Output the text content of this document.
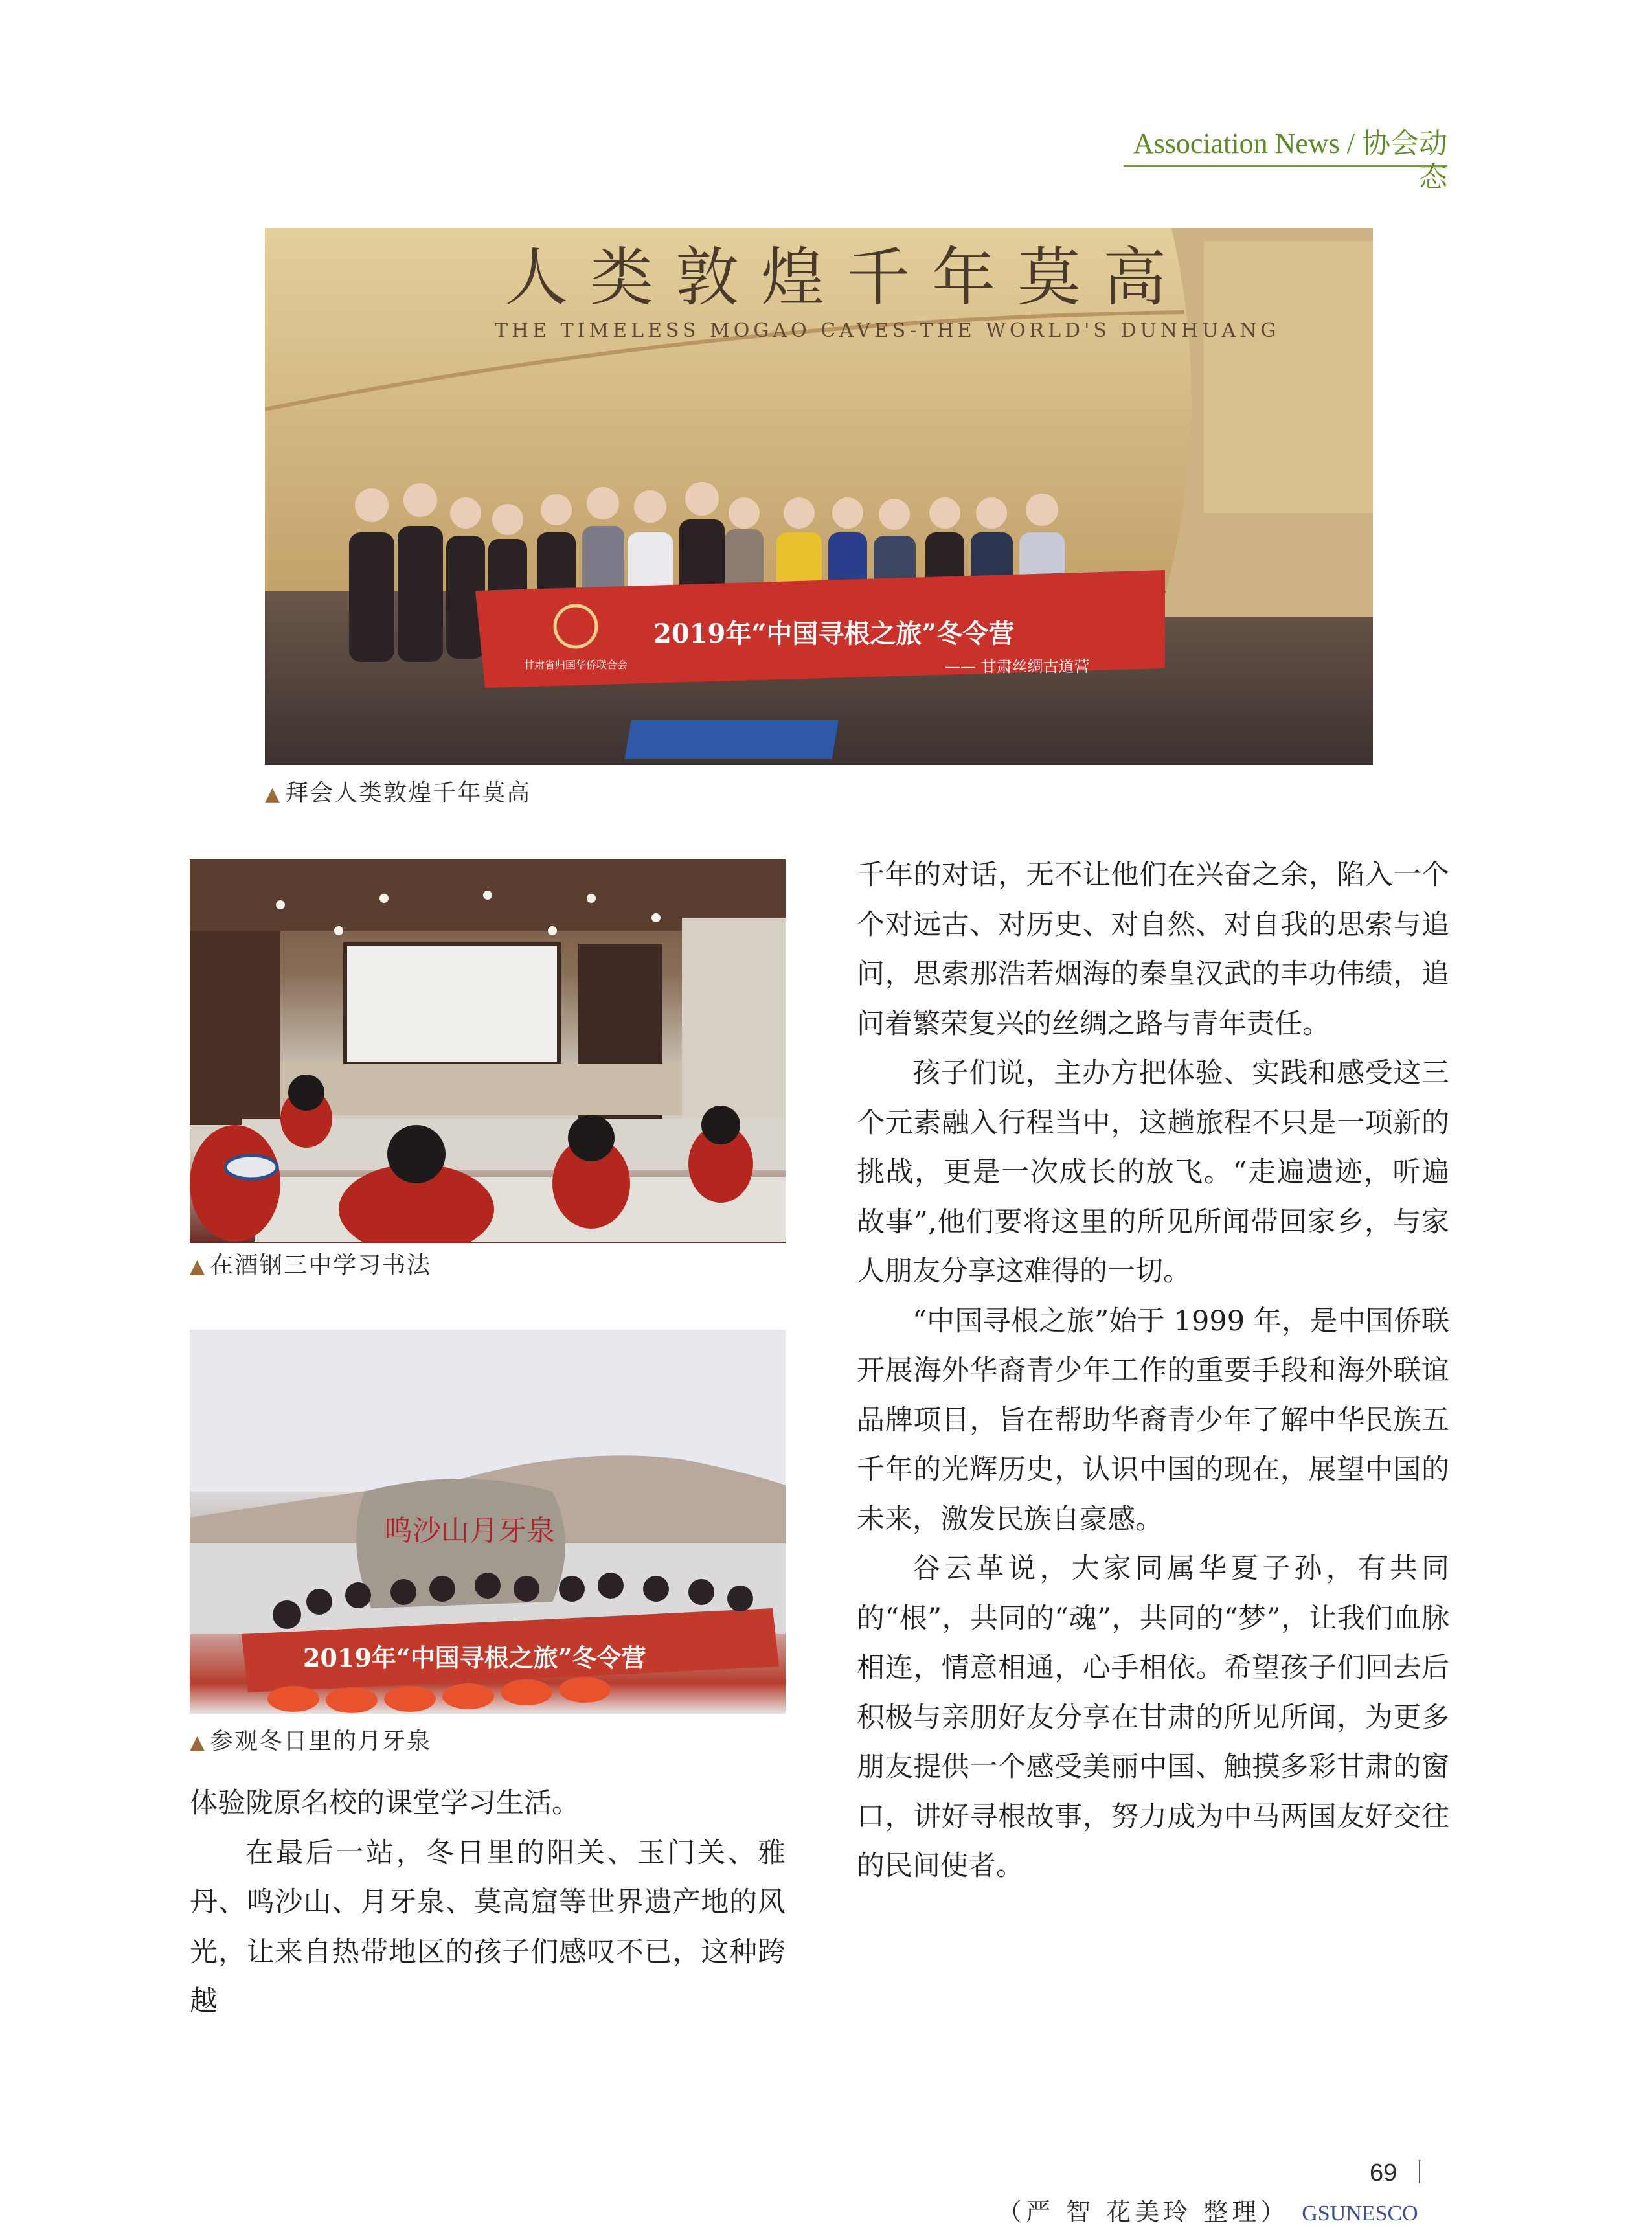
Association News / 协会动态
人类敦煌千年莫高
THE TIMELESS MOGAO CAVES-THE WORLD'S DUNHUANG
2019年“中国寻根之旅”冬令营
—— 甘肃丝绸古道营
甘肃省归国华侨联合会
▲ 拜会人类敦煌千年莫高
▲ 在酒钢三中学习书法
鸣沙山月牙泉
2019年“中国寻根之旅”冬令营
▲ 参观冬日里的月牙泉

千年的对话，无不让他们在兴奋之余，陷入一个个对远古、对历史、对自然、对自我的思索与追问，思索那浩若烟海的秦皇汉武的丰功伟绩，追问着繁荣复兴的丝绸之路与青年责任。

孩子们说，主办方把体验、实践和感受这三个元素融入行程当中，这趟旅程不只是一项新的挑战，更是一次成长的放飞。“走遍遗迹，听遍故事”,他们要将这里的所见所闻带回家乡，与家人朋友分享这难得的一切。

“中国寻根之旅”始于 1999 年，是中国侨联开展海外华裔青少年工作的重要手段和海外联谊品牌项目，旨在帮助华裔青少年了解中华民族五千年的光辉历史，认识中国的现在，展望中国的未来，激发民族自豪感。

谷云革说，大家同属华夏子孙，有共同的“根”，共同的“魂”，共同的“梦”，让我们血脉相连，情意相通，心手相依。希望孩子们回去后积极与亲朋好友分享在甘肃的所见所闻，为更多朋友提供一个感受美丽中国、触摸多彩甘肃的窗口，讲好寻根故事，努力成为中马两国友好交往的民间使者。

体验陇原名校的课堂学习生活。

在最后一站，冬日里的阳关、玉门关、雅丹、鸣沙山、月牙泉、莫高窟等世界遗产地的风光，让来自热带地区的孩子们感叹不已，这种跨越

（严 智 花美玲 整理） GSUNESCO
69
